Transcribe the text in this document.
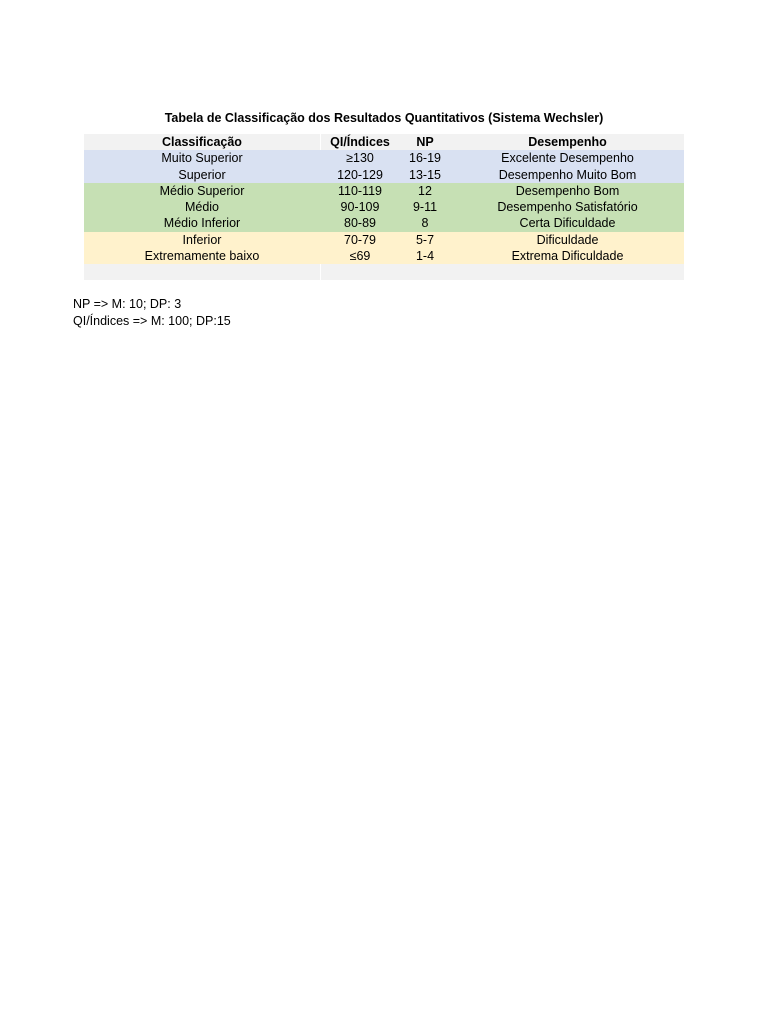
Tabela de Classificação dos Resultados Quantitativos (Sistema Wechsler)
Classificação	QI/Índices	NP	Desempenho
Muito Superior	≥130	16-19	Excelente Desempenho
Superior	120-129	13-15	Desempenho Muito Bom
Médio Superior	110-119	12	Desempenho Bom
Médio	90-109	9-11	Desempenho Satisfatório
Médio Inferior	80-89	8	Certa Dificuldade
Inferior	70-79	5-7	Dificuldade
Extremamente baixo	≤69	1-4	Extrema Dificuldade
NP => M: 10; DP: 3
QI/Índices => M: 100; DP:15
